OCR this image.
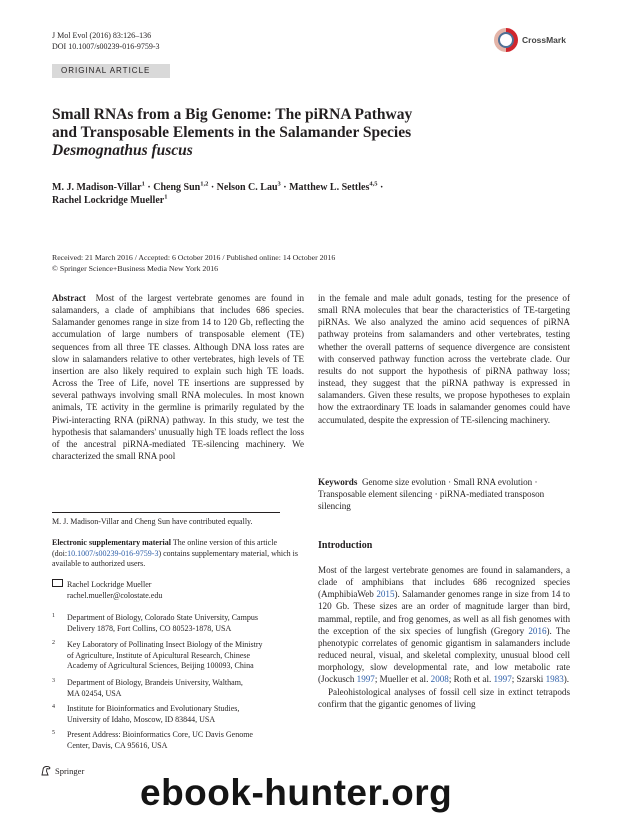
J Mol Evol (2016) 83:126–136
DOI 10.1007/s00239-016-9759-3
CrossMark
ORIGINAL ARTICLE
Small RNAs from a Big Genome: The piRNA Pathway
and Transposable Elements in the Salamander Species
Desmognathus fuscus
M. J. Madison-Villar$^1$ · Cheng Sun$^{1,2}$ · Nelson C. Lau$^3$ · Matthew L. Settles$^{4,5}$ ·
Rachel Lockridge Mueller$^1$
Received: 21 March 2016 / Accepted: 6 October 2016 / Published online: 14 October 2016
© Springer Science+Business Media New York 2016
Abstract Most of the largest vertebrate genomes are found in salamanders, a clade of amphibians that includes 686 species. Salamander genomes range in size from 14 to 120 Gb, reflecting the accumulation of large numbers of transposable element (TE) sequences from all three TE classes. Although DNA loss rates are slow in salamanders relative to other vertebrates, high levels of TE insertion are also likely required to explain such high TE loads. Across the Tree of Life, novel TE insertions are suppressed by several pathways involving small RNA molecules. In most known animals, TE activity in the germline is primarily regulated by the Piwi-interacting RNA (piRNA) pathway. In this study, we test the hypothesis that salamanders' unusually high TE loads reflect the loss of the ancestral piRNA-mediated TE-silencing machinery. We characterized the small RNA pool
in the female and male adult gonads, testing for the presence of small RNA molecules that bear the characteristics of TE-targeting piRNAs. We also analyzed the amino acid sequences of piRNA pathway proteins from salamanders and other vertebrates, testing whether the overall patterns of sequence divergence are consistent with conserved pathway function across the vertebrate clade. Our results do not support the hypothesis of piRNA pathway loss; instead, they suggest that the piRNA pathway is expressed in salamanders. Given these results, we propose hypotheses to explain how the extraordinary TE loads in salamander genomes could have accumulated, despite the expression of TE-silencing machinery.
Keywords Genome size evolution · Small RNA evolution · Transposable element silencing · piRNA-mediated transposon silencing
M. J. Madison-Villar and Cheng Sun have contributed equally.
Electronic supplementary material The online version of this article (doi:10.1007/s00239-016-9759-3) contains supplementary material, which is available to authorized users.
Rachel Lockridge Mueller
rachel.mueller@colostate.edu
1 Department of Biology, Colorado State University, Campus
Delivery 1878, Fort Collins, CO 80523-1878, USA
2 Key Laboratory of Pollinating Insect Biology of the Ministry
of Agriculture, Institute of Apicultural Research, Chinese
Academy of Agricultural Sciences, Beijing 100093, China
3 Department of Biology, Brandeis University, Waltham,
MA 02454, USA
4 Institute for Bioinformatics and Evolutionary Studies,
University of Idaho, Moscow, ID 83844, USA
5 Present Address: Bioinformatics Core, UC Davis Genome
Center, Davis, CA 95616, USA
Introduction

Most of the largest vertebrate genomes are found in salamanders, a clade of amphibians that includes 686 recognized species (AmphibiaWeb 2015). Salamander genomes range in size from 14 to 120 Gb. These sizes are an order of magnitude larger than bird, mammal, reptile, and frog genomes, as well as all fish genomes with the exception of the six species of lungfish (Gregory 2016). The phenotypic correlates of genomic gigantism in salamanders include reduced neural, visual, and skeletal complexity, unusual blood cell morphology, slow developmental rate, and low metabolic rate (Jockusch 1997; Mueller et al. 2008; Roth et al. 1997; Szarski 1983).

Paleohistological analyses of fossil cell size in extinct tetrapods confirm that the gigantic genomes of living

Springer
ebook-hunter.org
